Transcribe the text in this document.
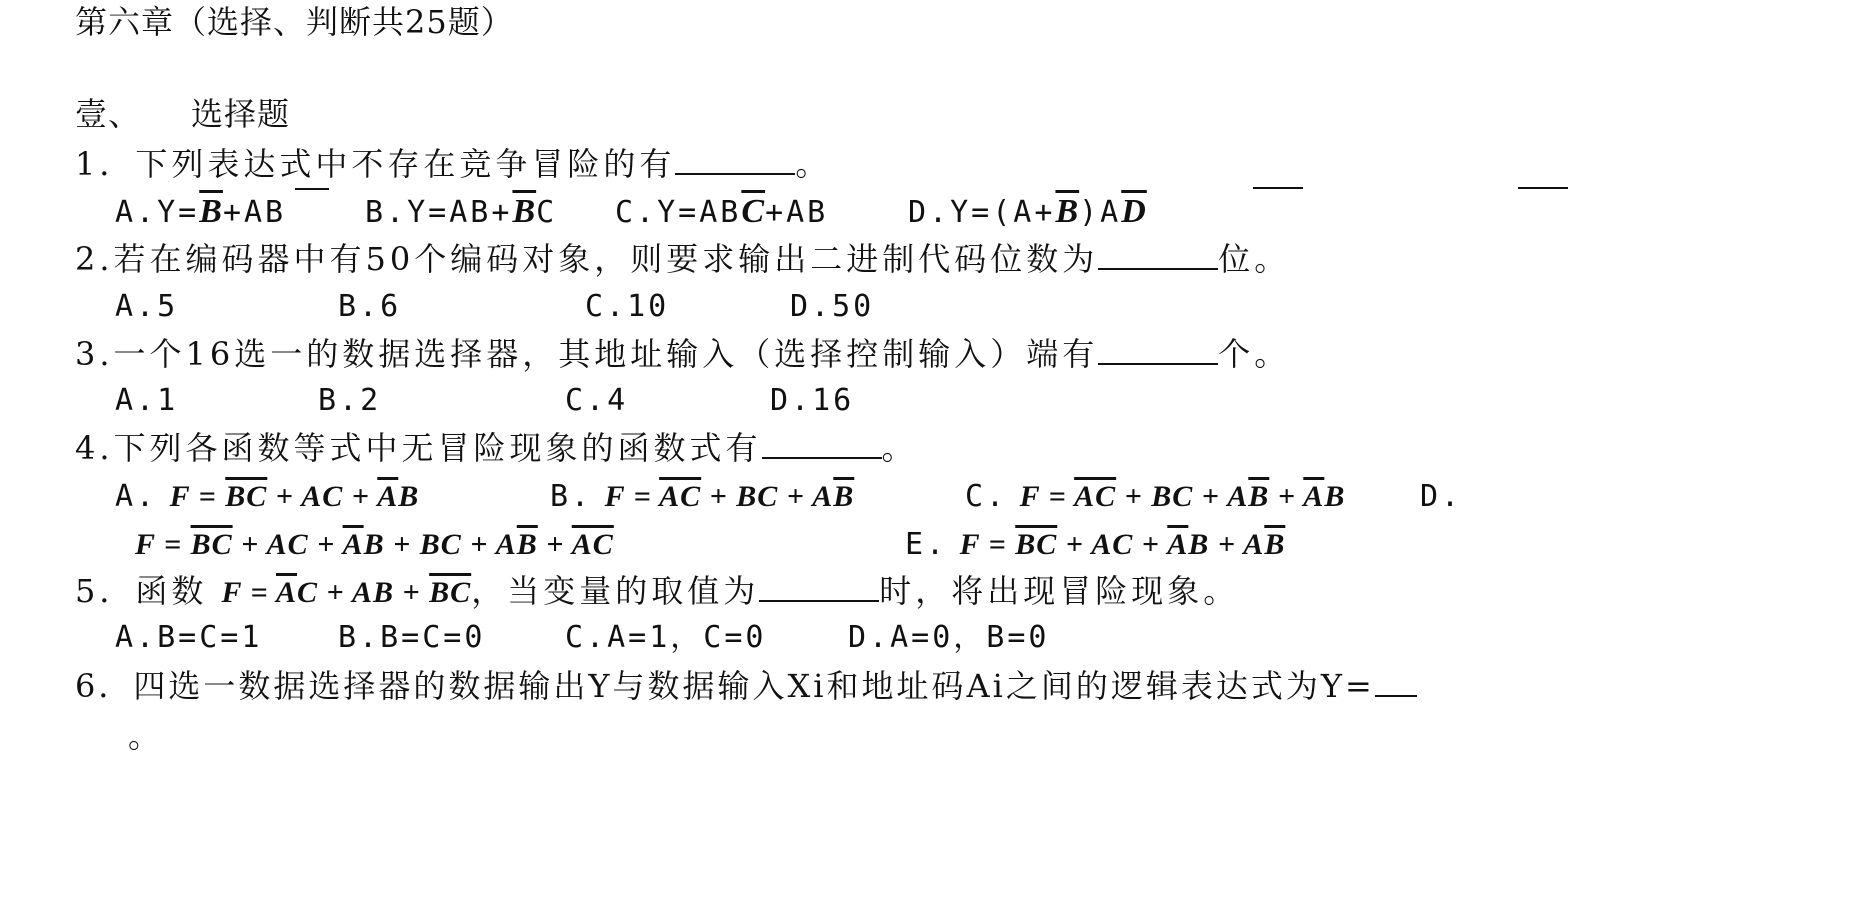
第六章（选择、判断共25题）
壹、　　选择题
1．下列表达式中不存在竞争冒险的有	。
$A.Y=\overline{B}+AB$	$B.Y=AB+\overline{B}C$ $C.Y=AB\overline{C}+AB$	$D.Y=(A+\overline{B})A\overline{D}$
2.若在编码器中有50个编码对象，则要求输出二进制代码位数为	位。
A.5	B.6	C.10	D.50
3.一个16选一的数据选择器，其地址输入（选择控制输入）端有	个。
A.1	B.2	C.4	D.16
4.下列各函数等式中无冒险现象的函数式有	。
A. $F = \overline{BC}$ + AC + $\overline{A}B$	B. $F = \overline{AC}$ + BC + $A\overline{B}$	C. $F = \overline{AC}$ + BC + $A\overline{B} + \overline{A}B$ D.
$F = \overline{BC}$ + AC + $\overline{A}B$ + BC + $A\overline{B} + \overline{AC}$	E. $F = \overline{BC}$ + AC + $\overline{A}B + A\overline{B}$
5．函数 $F = \overline{A}C$ + AB + $\overline{BC}$，当变量的取值为	时，将出现冒险现象。
A.B=C=1	B.B=C=0	C.A=1，C=0	D.A=0，B=0
6．四选一数据选择器的数据输出Y与数据输入Xi和地址码Ai之间的逻辑表达式为Y=
。
